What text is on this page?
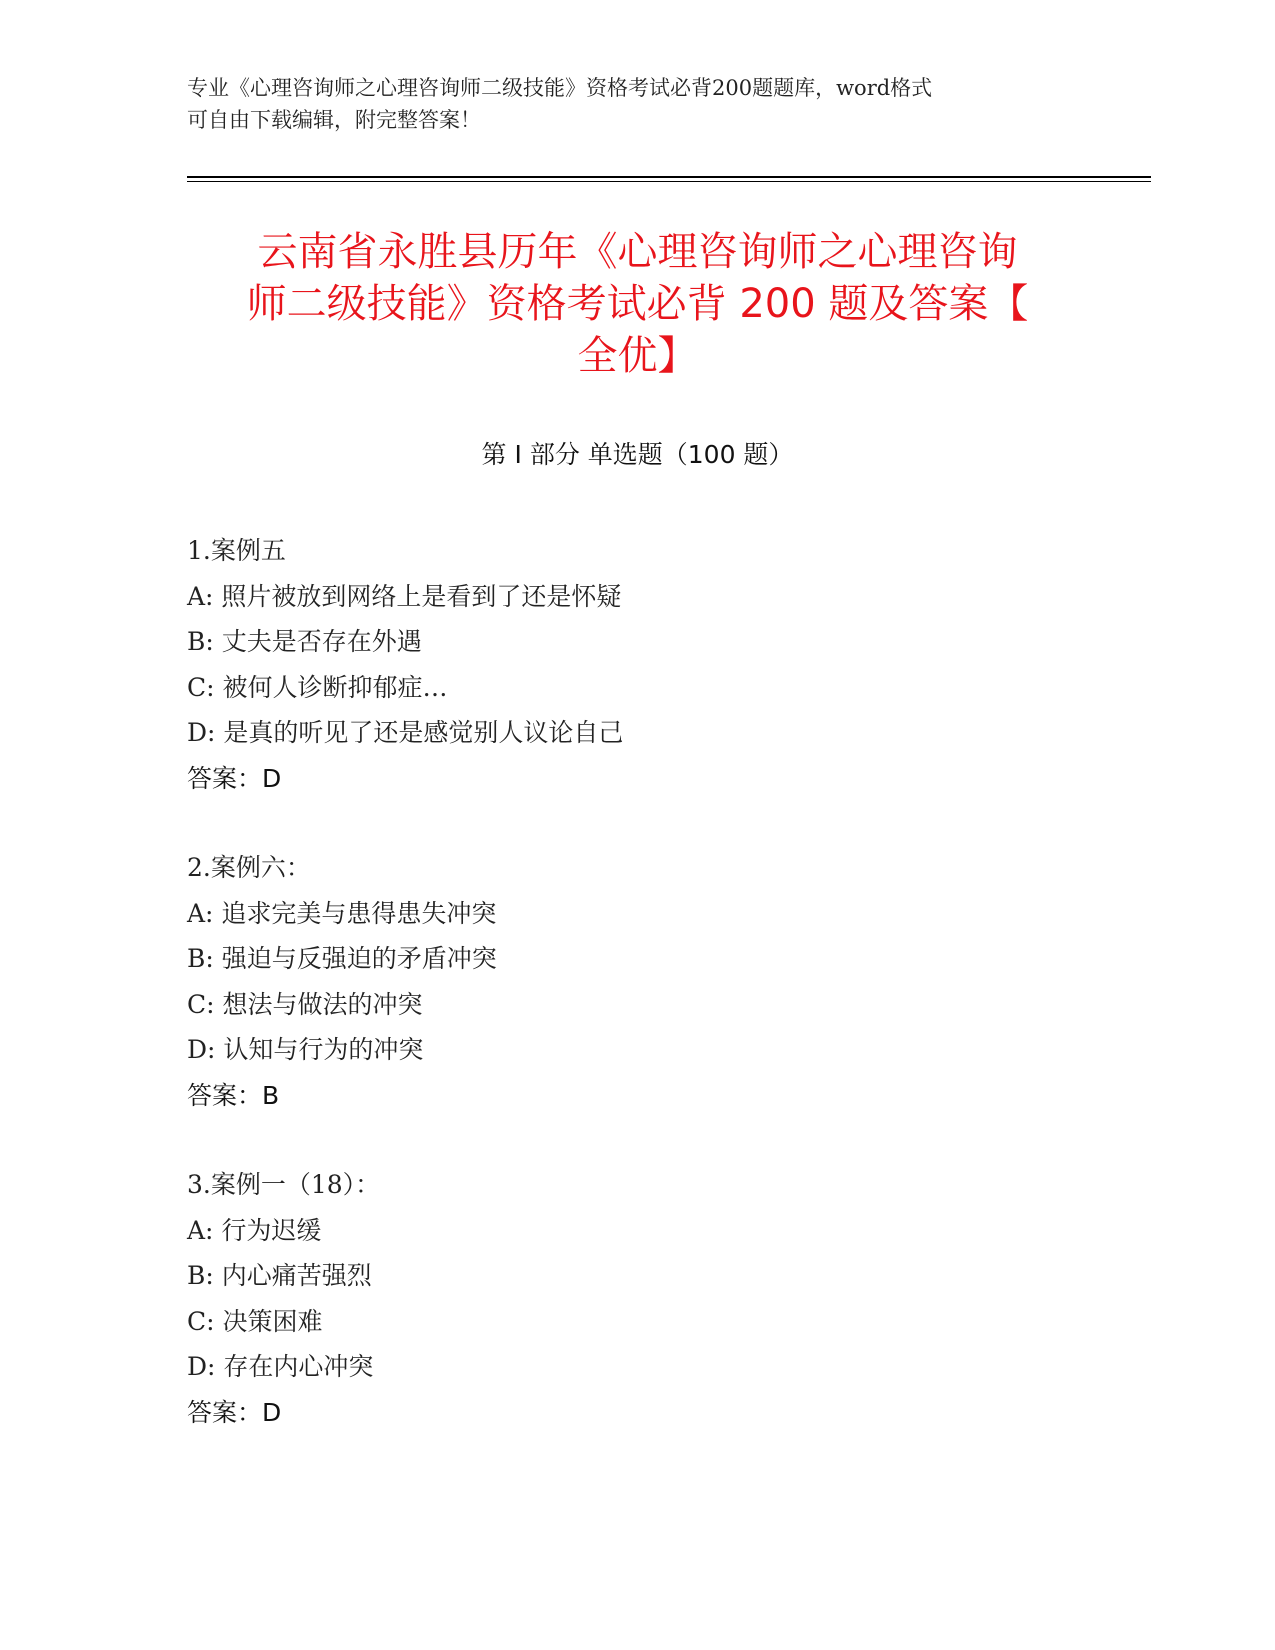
专业《心理咨询师之心理咨询师二级技能》资格考试必背200题题库，word格式
可自由下载编辑，附完整答案！
云南省永胜县历年《心理咨询师之心理咨询
师二级技能》资格考试必背 200 题及答案【
全优】
第 I 部分 单选题（100 题）
1.案例五
A: 照片被放到网络上是看到了还是怀疑
B: 丈夫是否存在外遇
C: 被何人诊断抑郁症…
D: 是真的听见了还是感觉别人议论自己
答案：D
2.案例六：
A: 追求完美与患得患失冲突
B: 强迫与反强迫的矛盾冲突
C: 想法与做法的冲突
D: 认知与行为的冲突
答案：B
3.案例一（18）：
A: 行为迟缓
B: 内心痛苦强烈
C: 决策困难
D: 存在内心冲突
答案：D
